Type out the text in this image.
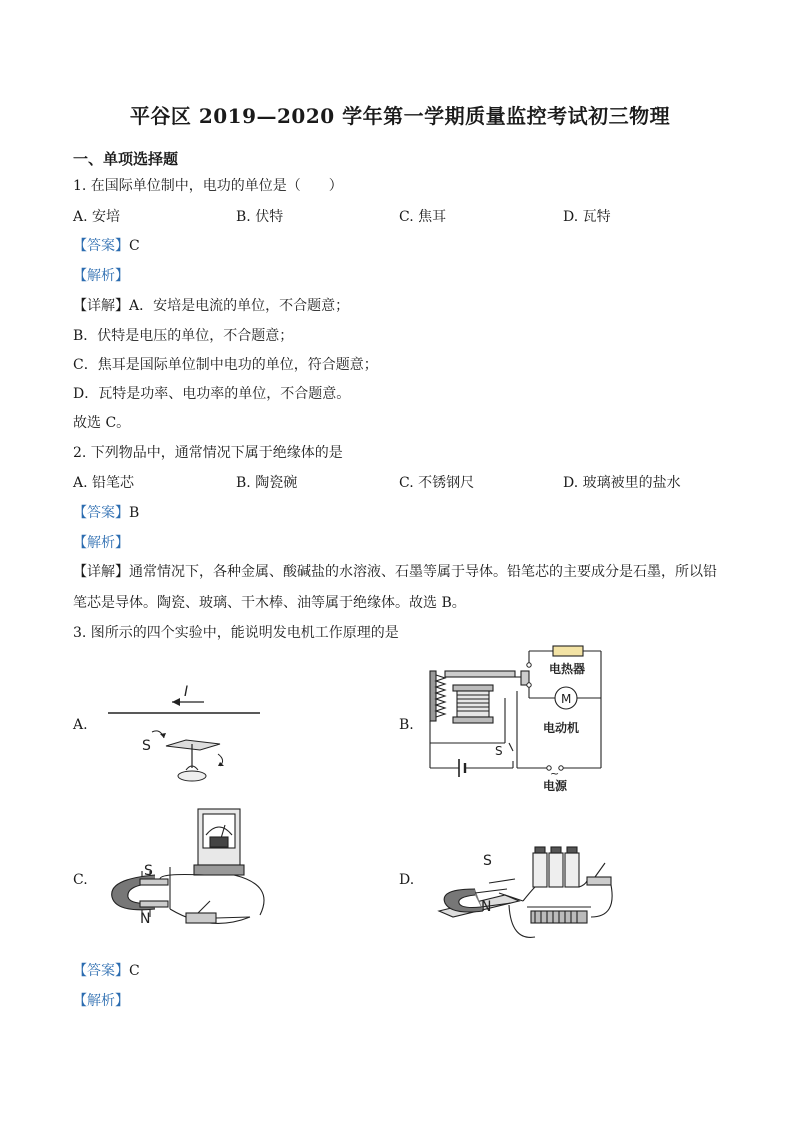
平谷区 2019—2020 学年第一学期质量监控考试初三物理
一、单项选择题
1. 在国际单位制中，电功的单位是（　　）
A. 安培	B. 伏特	C. 焦耳	D. 瓦特
【答案】C
【解析】
【详解】A．安培是电流的单位，不合题意；
B．伏特是电压的单位，不合题意；
C．焦耳是国际单位制中电功的单位，符合题意；
D．瓦特是功率、电功率的单位，不合题意。
故选 C。
2. 下列物品中，通常情况下属于绝缘体的是
A. 铅笔芯	B. 陶瓷碗	C. 不锈钢尺	D. 玻璃被里的盐水
【答案】B
【解析】
【详解】通常情况下，各种金属、酸碱盐的水溶液、石墨等属于导体。铅笔芯的主要成分是石墨，所以铅
笔芯是导体。陶瓷、玻璃、干木棒、油等属于绝缘体。故选 B。
3. 图所示的四个实验中，能说明发电机工作原理的是
A.
I
S
B.
M
电热器
电动机
S
~
电源
C.
S
N
D.
S
N
【答案】C
【解析】
